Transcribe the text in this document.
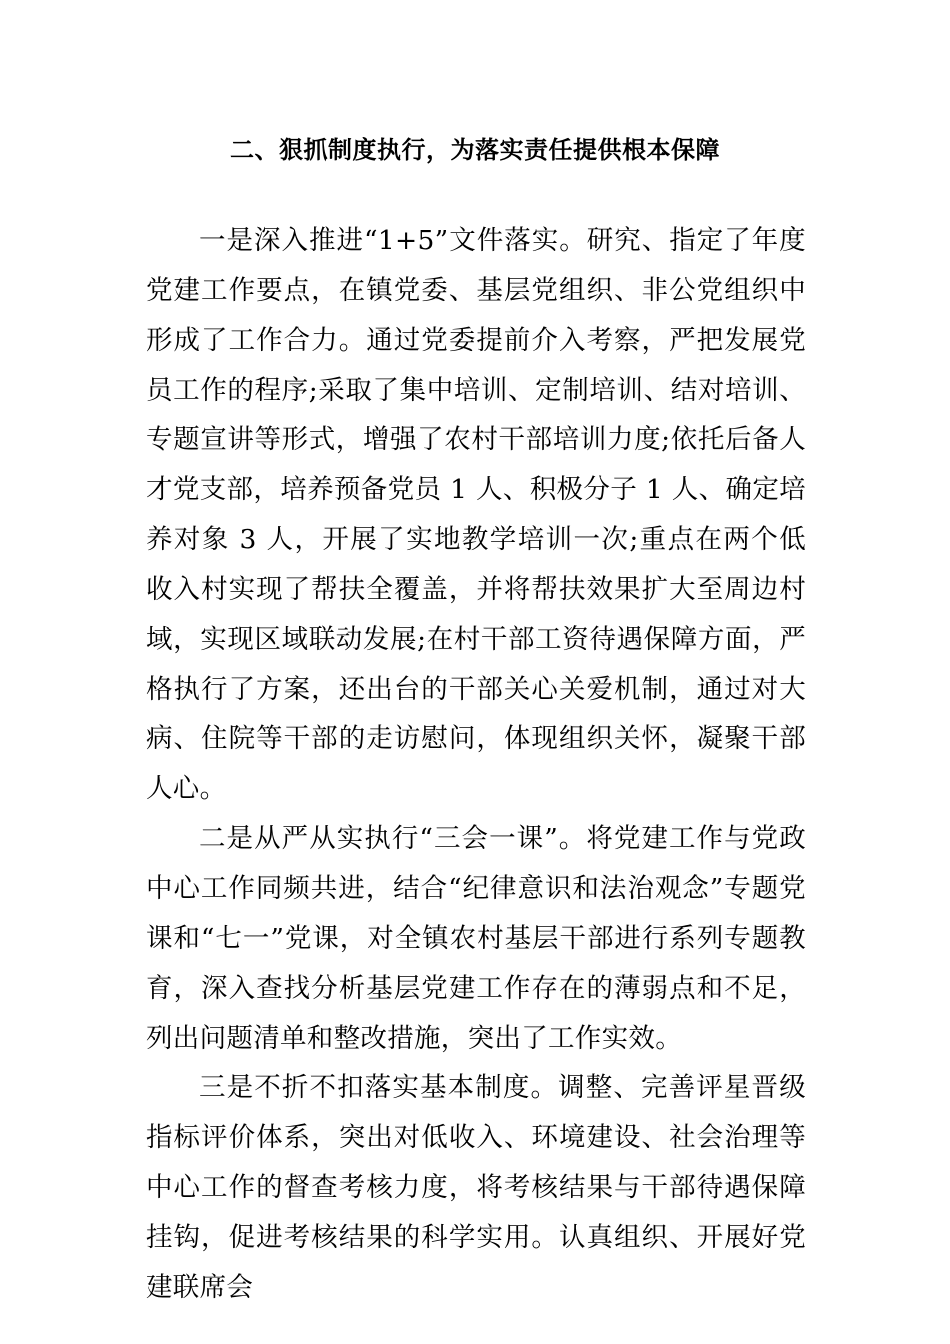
二、狠抓制度执行，为落实责任提供根本保障

一是深入推进“1+5”文件落实。研究、指定了年度党建工作要点，在镇党委、基层党组织、非公党组织中形成了工作合力。通过党委提前介入考察，严把发展党员工作的程序;采取了集中培训、定制培训、结对培训、专题宣讲等形式，增强了农村干部培训力度;依托后备人才党支部，培养预备党员 1 人、积极分子 1 人、确定培养对象 3 人，开展了实地教学培训一次;重点在两个低收入村实现了帮扶全覆盖，并将帮扶效果扩大至周边村域，实现区域联动发展;在村干部工资待遇保障方面，严格执行了方案，还出台的干部关心关爱机制，通过对大病、住院等干部的走访慰问，体现组织关怀，凝聚干部人心。

二是从严从实执行“三会一课”。将党建工作与党政中心工作同频共进，结合“纪律意识和法治观念”专题党课和“七一”党课，对全镇农村基层干部进行系列专题教育，深入查找分析基层党建工作存在的薄弱点和不足，列出问题清单和整改措施，突出了工作实效。

三是不折不扣落实基本制度。调整、完善评星晋级指标评价体系，突出对低收入、环境建设、社会治理等中心工作的督查考核力度，将考核结果与干部待遇保障挂钩，促进考核结果的科学实用。认真组织、开展好党建联席会
